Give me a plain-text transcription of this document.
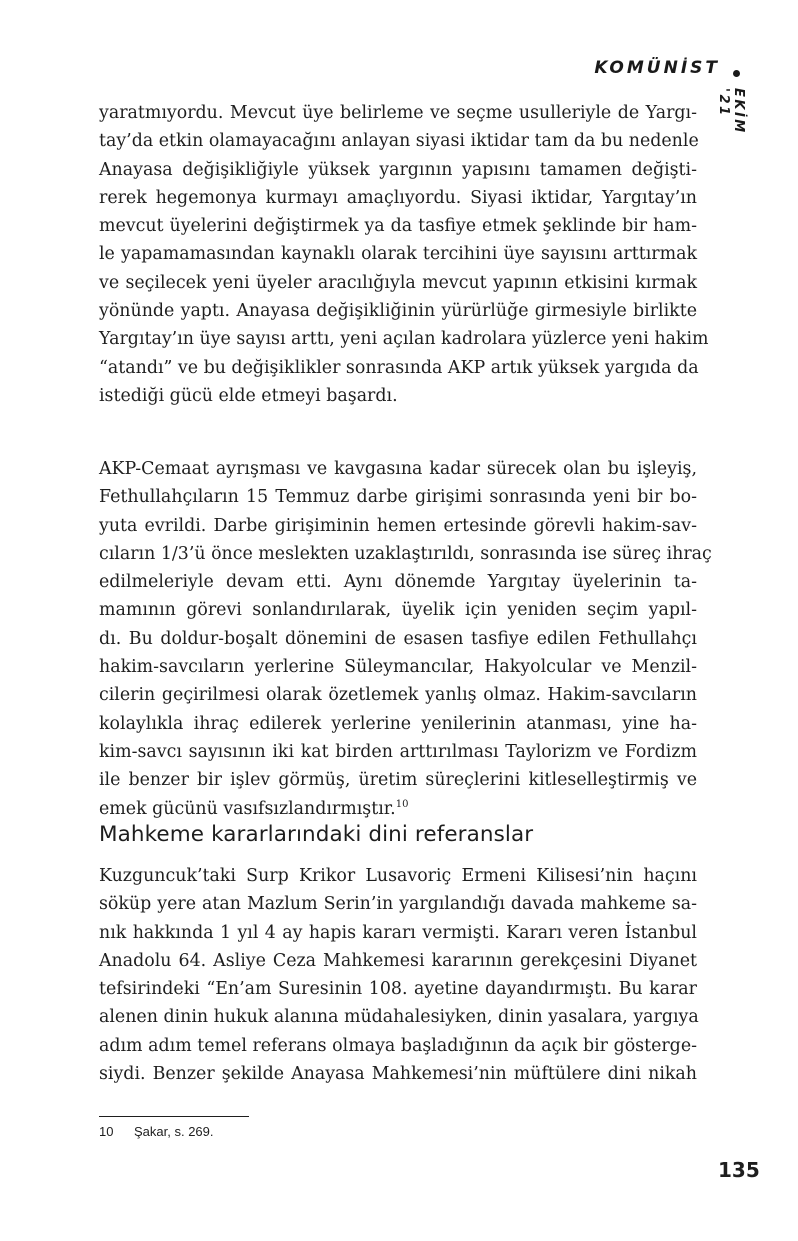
KOMÜNİST
EKİM '21
yaratmıyordu. Mevcut üye belirleme ve seçme usulleriyle de Yargı-
tay’da etkin olamayacağını anlayan siyasi iktidar tam da bu nedenle
Anayasa değişikliğiyle yüksek yargının yapısını tamamen değişti-
rerek hegemonya kurmayı amaçlıyordu. Siyasi iktidar, Yargıtay’ın
mevcut üyelerini değiştirmek ya da tasfiye etmek şeklinde bir ham-
le yapamamasından kaynaklı olarak tercihini üye sayısını arttırmak
ve seçilecek yeni üyeler aracılığıyla mevcut yapının etkisini kırmak
yönünde yaptı. Anayasa değişikliğinin yürürlüğe girmesiyle birlikte
Yargıtay’ın üye sayısı arttı, yeni açılan kadrolara yüzlerce yeni hakim
“atandı” ve bu değişiklikler sonrasında AKP artık yüksek yargıda da
istediği gücü elde etmeyi başardı.
AKP-Cemaat ayrışması ve kavgasına kadar sürecek olan bu işleyiş,
Fethullahçıların 15 Temmuz darbe girişimi sonrasında yeni bir bo-
yuta evrildi. Darbe girişiminin hemen ertesinde görevli hakim-sav-
cıların 1/3’ü önce meslekten uzaklaştırıldı, sonrasında ise süreç ihraç
edilmeleriyle devam etti. Aynı dönemde Yargıtay üyelerinin ta-
mamının görevi sonlandırılarak, üyelik için yeniden seçim yapıl-
dı. Bu doldur-boşalt dönemini de esasen tasfiye edilen Fethullahçı
hakim-savcıların yerlerine Süleymancılar, Hakyolcular ve Menzil-
cilerin geçirilmesi olarak özetlemek yanlış olmaz. Hakim-savcıların
kolaylıkla ihraç edilerek yerlerine yenilerinin atanması, yine ha-
kim-savcı sayısının iki kat birden arttırılması Taylorizm ve Fordizm
ile benzer bir işlev görmüş, üretim süreçlerini kitleselleştirmiş ve
emek gücünü vasıfsızlandırmıştır.$^{10}$
Mahkeme kararlarındaki dini referanslar
Kuzguncuk’taki Surp Krikor Lusavoriç Ermeni Kilisesi’nin haçını
söküp yere atan Mazlum Serin’in yargılandığı davada mahkeme sa-
nık hakkında 1 yıl 4 ay hapis kararı vermişti. Kararı veren İstanbul
Anadolu 64. Asliye Ceza Mahkemesi kararının gerekçesini Diyanet
tefsirindeki “En’am Suresinin 108. ayetine dayandırmıştı. Bu karar
alenen dinin hukuk alanına müdahalesiyken, dinin yasalara, yargıya
adım adım temel referans olmaya başladığının da açık bir gösterge-
siydi. Benzer şekilde Anayasa Mahkemesi’nin müftülere dini nikah
10 Şakar, s. 269.
135
